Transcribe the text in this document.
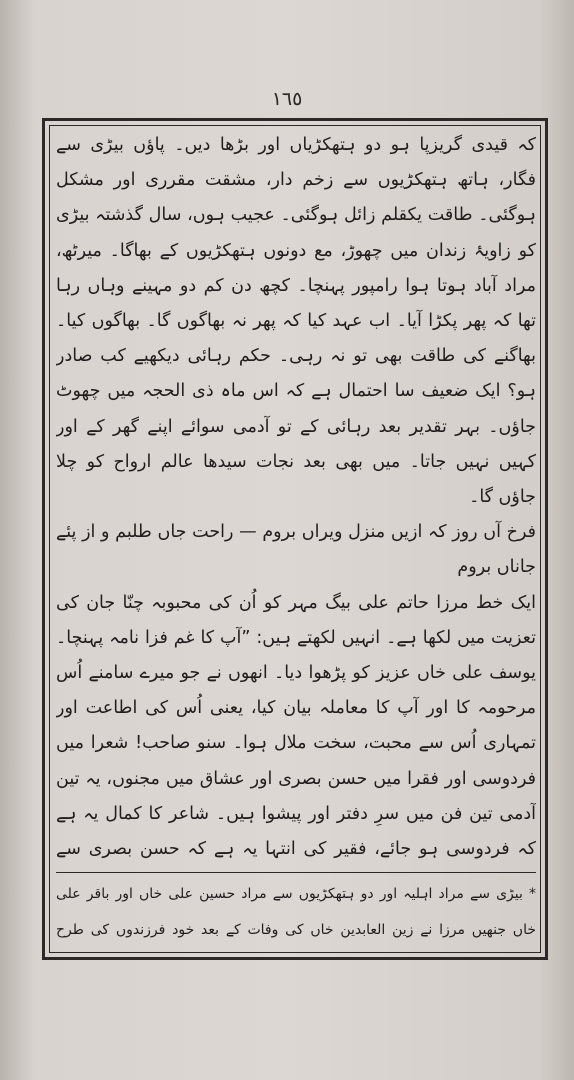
١٦٥

کہ قیدی گریزپا ہو دو ہتھکڑیاں اور بڑھا دیں۔ پاؤں بیڑی سے فگار، ہاتھ ہتھکڑیوں سے زخم دار، مشقت مقرری اور مشکل ہوگئی۔ طاقت یکقلم زائل ہوگئی۔ عجیب ہوں، سال گذشتہ بیڑی کو زاویۂ زندان میں چھوڑ، مع دونوں ہتھکڑیوں کے بھاگا۔ میرٹھ، مراد آباد ہوتا ہوا رامپور پہنچا۔ کچھ دن کم دو مہینے وہاں رہا تھا کہ پھر پکڑا آیا۔ اب عہد کیا کہ پھر نہ بھاگوں گا۔ بھاگوں کیا۔ بھاگنے کی طاقت بھی تو نہ رہی۔ حکم رہائی دیکھیے کب صادر ہو؟ ایک ضعیف سا احتمال ہے کہ اس ماہ ذی الحجہ میں چھوٹ جاؤں۔ بہر تقدیر بعد رہائی کے تو آدمی سوائے اپنے گھر کے اور کہیں نہیں جاتا۔ میں بھی بعد نجات سیدھا عالم ارواح کو چلا جاؤں گا۔

فرخ آں روز کہ ازیں منزل ویراں بروم — راحت جاں طلبم و از پئے جاناں بروم

ایک خط مرزا حاتم علی بیگ مہر کو اُن کی محبوبہ چنّا جان کی تعزیت میں لکھا ہے۔ انہیں لکھتے ہیں: ”آپ کا غم فزا نامہ پہنچا۔ یوسف علی خاں عزیز کو پڑھوا دیا۔ انھوں نے جو میرے سامنے اُس مرحومہ کا اور آپ کا معاملہ بیان کیا، یعنی اُس کی اطاعت اور تمہاری اُس سے محبت، سخت ملال ہوا۔ سنو صاحب! شعرا میں فردوسی اور فقرا میں حسن بصری اور عشاق میں مجنوں، یہ تین آدمی تین فن میں سرِ دفتر اور پیشوا ہیں۔ شاعر کا کمال یہ ہے کہ فردوسی ہو جائے، فقیر کی انتہا یہ ہے کہ حسن بصری سے

* بیڑی سے مراد اہلیہ اور دو ہتھکڑیوں سے مراد حسین علی خاں اور باقر علی خاں جنھیں مرزا نے زین العابدین خاں کی وفات کے بعد خود فرزندوں کی طرح
